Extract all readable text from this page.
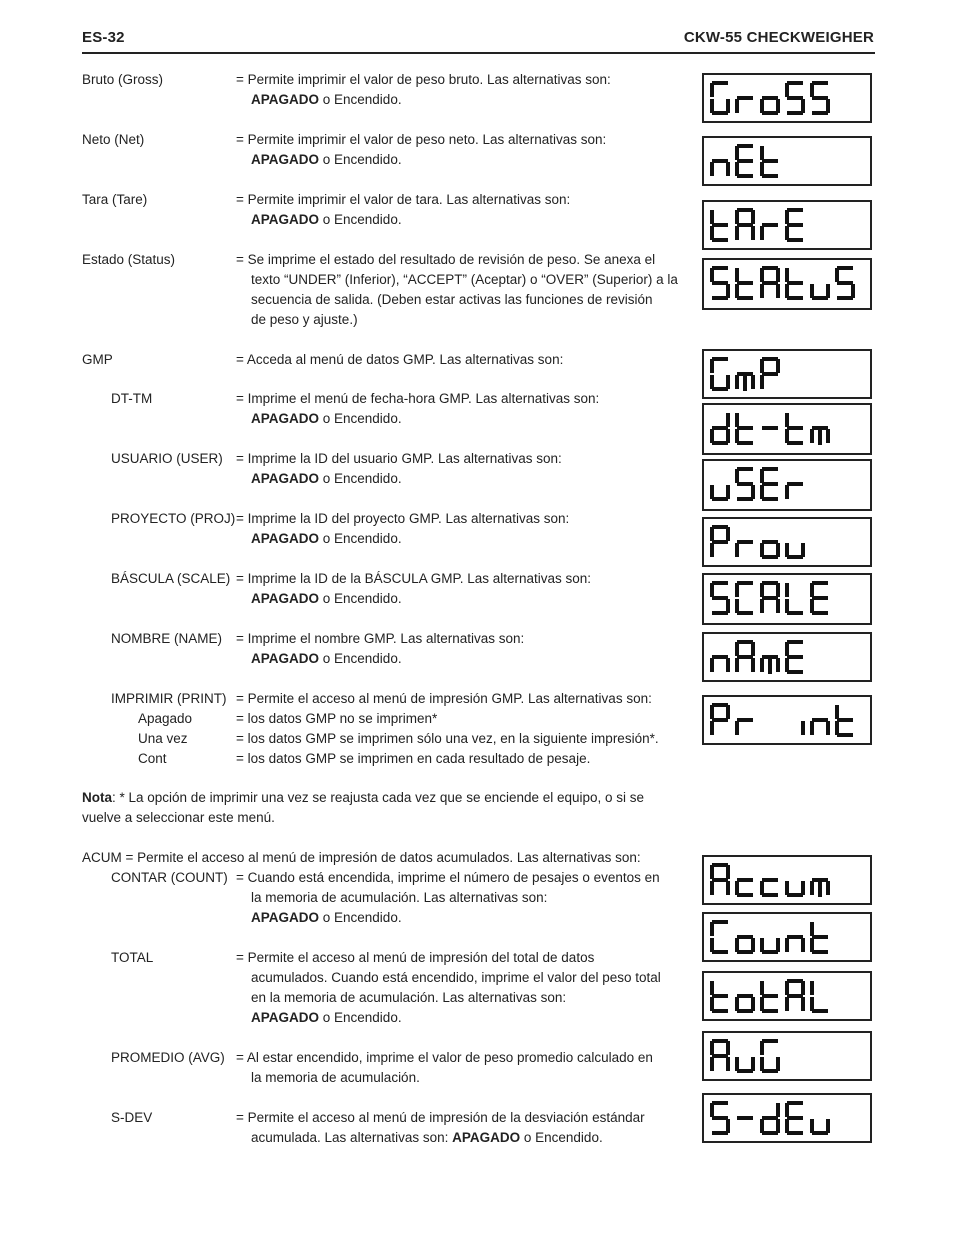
ES-32	CKW-55 CHECKWEIGHER
Bruto (Gross)	= Permite imprimir el valor de peso bruto. Las alternativas son:
APAGADO o Encendido.
Neto (Net)	= Permite imprimir el valor de peso neto. Las alternativas son:
APAGADO o Encendido.
Tara (Tare)	= Permite imprimir el valor de tara. Las alternativas son:
APAGADO o Encendido.
Estado (Status)	= Se imprime el estado del resultado de revisión de peso. Se anexa el
texto “UNDER” (Inferior), “ACCEPT” (Aceptar) o “OVER” (Superior) a la
secuencia de salida. (Deben estar activas las funciones de revisión
de peso y ajuste.)
GMP	= Acceda al menú de datos GMP. Las alternativas son:
DT-TM	= Imprime el menú de fecha-hora GMP. Las alternativas son:
APAGADO o Encendido.
USUARIO (USER) = Imprime la ID del usuario GMP. Las alternativas son:
APAGADO o Encendido.
PROYECTO (PROJ) = Imprime la ID del proyecto GMP. Las alternativas son:
APAGADO o Encendido.
BÁSCULA (SCALE) = Imprime la ID de la BÁSCULA GMP. Las alternativas son:
APAGADO o Encendido.
NOMBRE (NAME) = Imprime el nombre GMP. Las alternativas son:
APAGADO o Encendido.
IMPRIMIR (PRINT) = Permite el acceso al menú de impresión GMP. Las alternativas son:
Apagado	= los datos GMP no se imprimen*
Una vez	= los datos GMP se imprimen sólo una vez, en la siguiente impresión*.
Cont	= los datos GMP se imprimen en cada resultado de pesaje.
Nota: * La opción de imprimir una vez se reajusta cada vez que se enciende el equipo, o si se
vuelve a seleccionar este menú.
ACUM = Permite el acceso al menú de impresión de datos acumulados. Las alternativas son:
CONTAR (COUNT) = Cuando está encendida, imprime el número de pesajes o eventos en
la memoria de acumulación. Las alternativas son:
APAGADO o Encendido.
TOTAL	= Permite el acceso al menú de impresión del total de datos
acumulados. Cuando está encendido, imprime el valor del peso total
en la memoria de acumulación. Las alternativas son:
APAGADO o Encendido.
PROMEDIO (AVG) = Al estar encendido, imprime el valor de peso promedio calculado en
la memoria de acumulación.
S-DEV	= Permite el acceso al menú de impresión de la desviación estándar
acumulada. Las alternativas son: APAGADO o Encendido.
